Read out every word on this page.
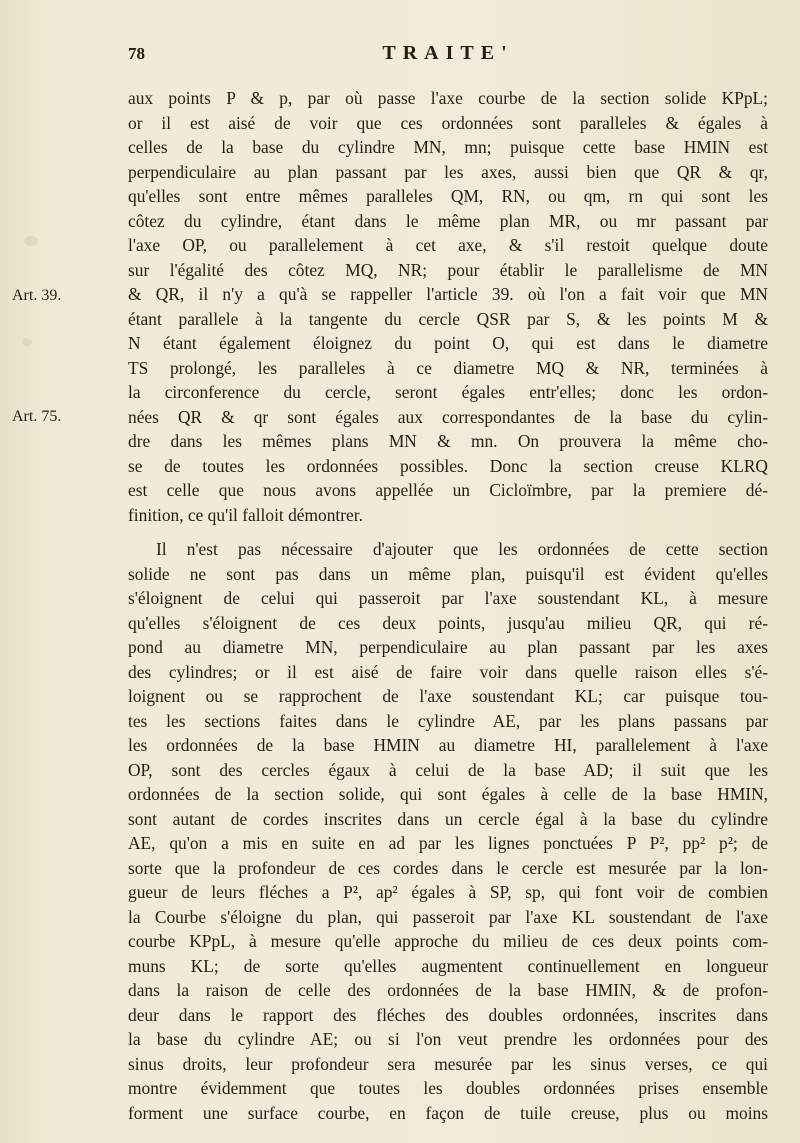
78	TRAITE'
Art. 39.
Art. 75.
aux points P & p, par où passe l'axe courbe de la section solide KPpL;
or il est aisé de voir que ces ordonnées sont paralleles & égales à
celles de la base du cylindre MN, mn; puisque cette base HMIN est
perpendiculaire au plan passant par les axes, aussi bien que QR & qr,
qu'elles sont entre mêmes paralleles QM, RN, ou qm, rn qui sont les
côtez du cylindre, étant dans le même plan MR, ou mr passant par
l'axe OP, ou parallelement à cet axe, & s'il restoit quelque doute
sur l'égalité des côtez MQ, NR; pour établir le parallelisme de MN
& QR, il n'y a qu'à se rappeller l'article 39. où l'on a fait voir que MN
étant parallele à la tangente du cercle QSR par S, & les points M &
N étant également éloignez du point O, qui est dans le diametre
TS prolongé, les paralleles à ce diametre MQ & NR, terminées à
la circonference du cercle, seront égales entr'elles; donc les ordon-
nées QR & qr sont égales aux correspondantes de la base du cylin-
dre dans les mêmes plans MN & mn. On prouvera la même cho-
se de toutes les ordonnées possibles. Donc la section creuse KLRQ
est celle que nous avons appellée un Cicloïmbre, par la premiere dé-
finition, ce qu'il falloit démontrer.
Il n'est pas nécessaire d'ajouter que les ordonnées de cette section
solide ne sont pas dans un même plan, puisqu'il est évident qu'elles
s'éloignent de celui qui passeroit par l'axe soustendant KL, à mesure
qu'elles s'éloignent de ces deux points, jusqu'au milieu QR, qui ré-
pond au diametre MN, perpendiculaire au plan passant par les axes
des cylindres; or il est aisé de faire voir dans quelle raison elles s'é-
loignent ou se rapprochent de l'axe soustendant KL; car puisque tou-
tes les sections faites dans le cylindre AE, par les plans passans par
les ordonnées de la base HMIN au diametre HI, parallelement à l'axe
OP, sont des cercles égaux à celui de la base AD; il suit que les
ordonnées de la section solide, qui sont égales à celle de la base HMIN,
sont autant de cordes inscrites dans un cercle égal à la base du cylindre
AE, qu'on a mis en suite en ad par les lignes ponctuées P P², pp² p²; de
sorte que la profondeur de ces cordes dans le cercle est mesurée par la lon-
gueur de leurs fléches a P², ap² égales à SP, sp, qui font voir de combien
la Courbe s'éloigne du plan, qui passeroit par l'axe KL soustendant de l'axe
courbe KPpL, à mesure qu'elle approche du milieu de ces deux points com-
muns KL; de sorte qu'elles augmentent continuellement en longueur
dans la raison de celle des ordonnées de la base HMIN, & de profon-
deur dans le rapport des fléches des doubles ordonnées, inscrites dans
la base du cylindre AE; ou si l'on veut prendre les ordonnées pour des
sinus droits, leur profondeur sera mesurée par les sinus verses, ce qui
montre évidemment que toutes les doubles ordonnées prises ensemble
forment une surface courbe, en façon de tuile creuse, plus ou moins
